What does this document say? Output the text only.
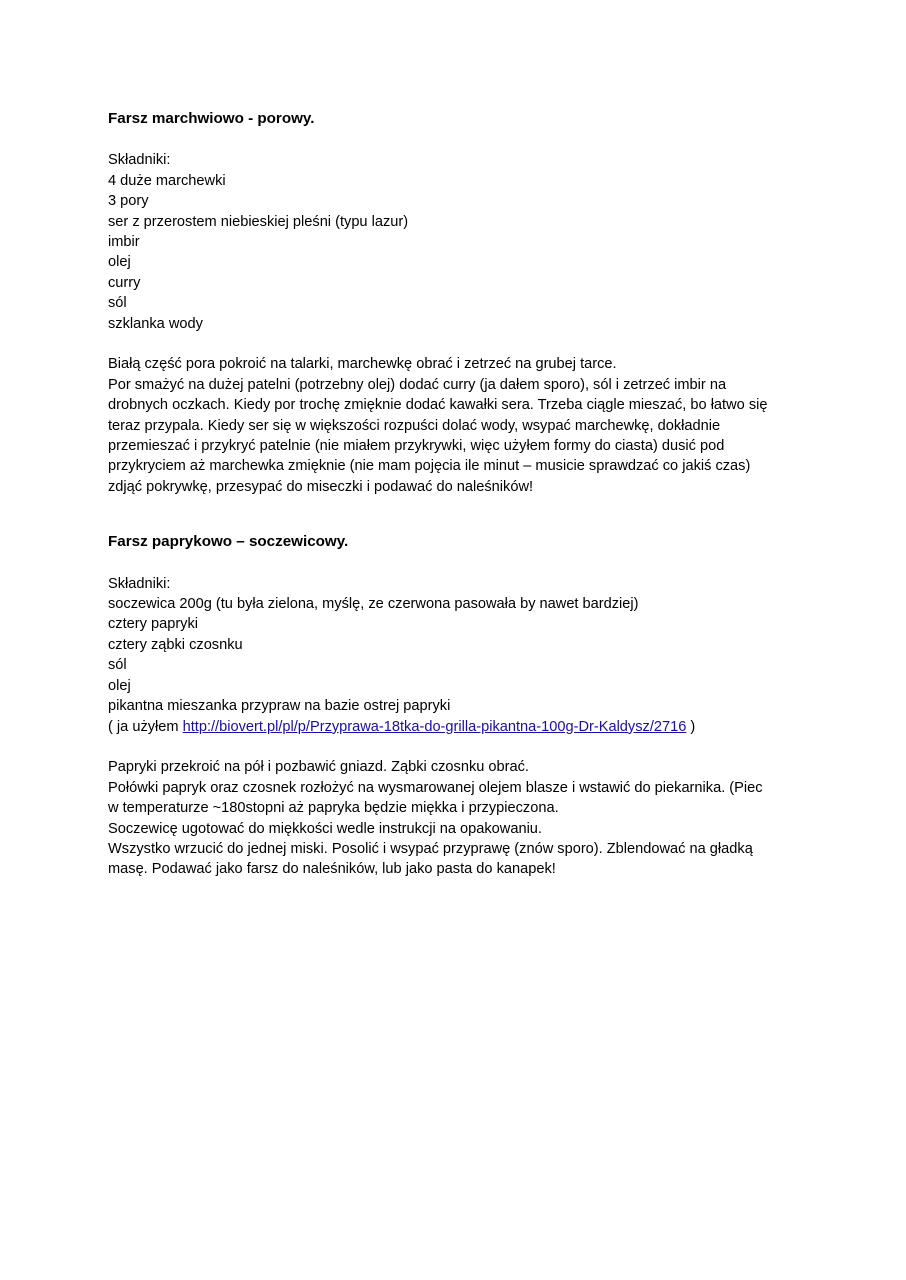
Farsz marchwiowo - porowy.
Składniki:
4 duże marchewki
3 pory
ser z przerostem niebieskiej pleśni (typu lazur)
imbir
olej
curry
sól
szklanka wody
Białą część pora pokroić na talarki, marchewkę obrać i zetrzeć na grubej tarce.
Por smażyć na dużej patelni (potrzebny olej) dodać curry (ja dałem sporo), sól i zetrzeć imbir na
drobnych oczkach. Kiedy por trochę zmięknie dodać kawałki sera. Trzeba ciągle mieszać, bo łatwo się
teraz przypala. Kiedy ser się w większości rozpuści dolać wody, wsypać marchewkę, dokładnie
przemieszać i przykryć patelnie (nie miałem przykrywki, więc użyłem formy do ciasta) dusić pod
przykryciem aż marchewka zmięknie (nie mam pojęcia ile minut – musicie sprawdzać co jakiś czas)
zdjąć pokrywkę, przesypać do miseczki i podawać do naleśników!
Farsz paprykowo – soczewicowy.
Składniki:
soczewica 200g (tu była zielona, myślę, ze czerwona pasowała by nawet bardziej)
cztery papryki
cztery ząbki czosnku
sól
olej
pikantna mieszanka przypraw na bazie ostrej papryki
( ja użyłem http://biovert.pl/pl/p/Przyprawa-18tka-do-grilla-pikantna-100g-Dr-Kaldysz/2716 )
Papryki przekroić na pół i pozbawić gniazd. Ząbki czosnku obrać.
Połówki papryk oraz czosnek rozłożyć na wysmarowanej olejem blasze i wstawić do piekarnika. (Piec
w temperaturze ~180stopni aż papryka będzie miękka i przypieczona.
Soczewicę ugotować do miękkości wedle instrukcji na opakowaniu.
Wszystko wrzucić do jednej miski. Posolić i wsypać przyprawę (znów sporo). Zblendować na gładką
masę. Podawać jako farsz do naleśników, lub jako pasta do kanapek!
